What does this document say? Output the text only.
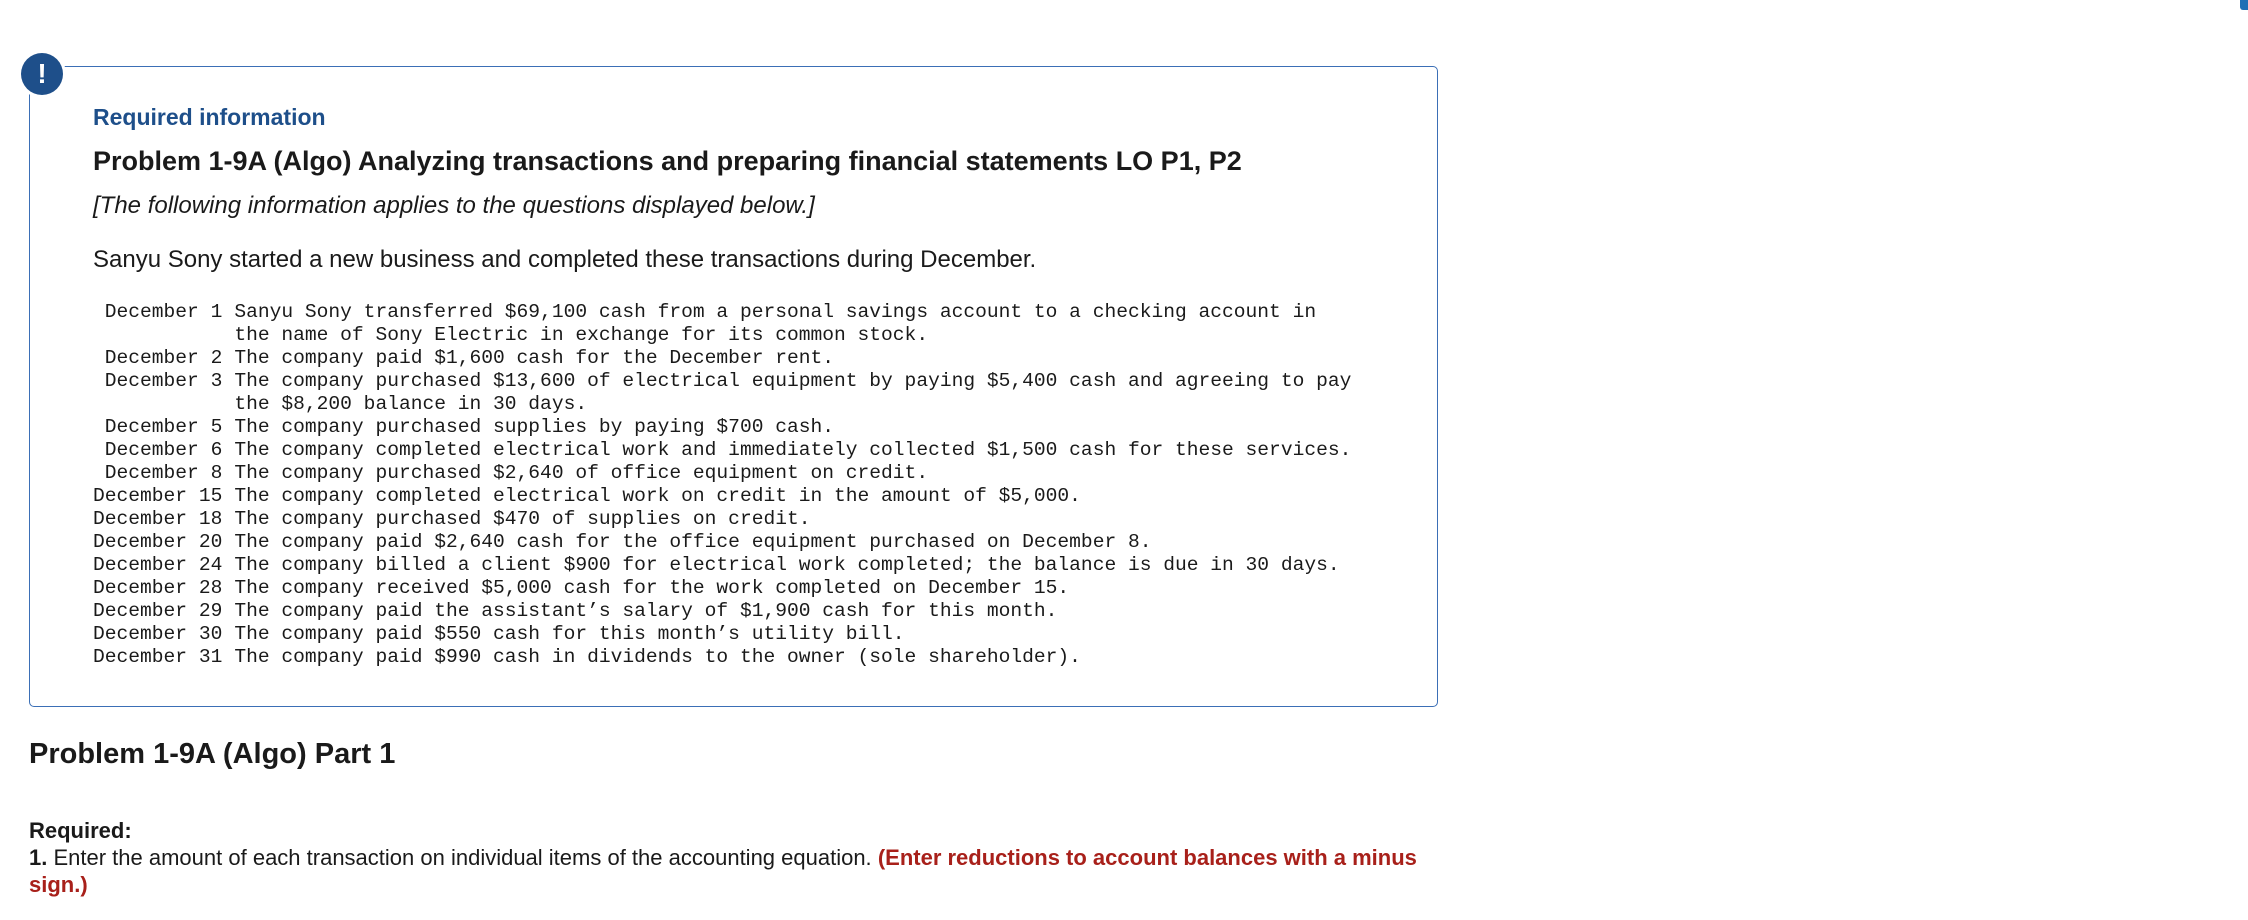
!
Required information
Problem 1-9A (Algo) Analyzing transactions and preparing financial statements LO P1, P2
[The following information applies to the questions displayed below.]
Sanyu Sony started a new business and completed these transactions during December.
December 1	Sanyu Sony transferred $69,100 cash from a personal savings account to a checking account in the name of Sony Electric in exchange for its common stock.
December 2	The company paid $1,600 cash for the December rent.
December 3	The company purchased $13,600 of electrical equipment by paying $5,400 cash and agreeing to pay the $8,200 balance in 30 days.
December 5	The company purchased supplies by paying $700 cash.
December 6	The company completed electrical work and immediately collected $1,500 cash for these services.
December 8	The company purchased $2,640 of office equipment on credit.
December 15	The company completed electrical work on credit in the amount of $5,000.
December 18	The company purchased $470 of supplies on credit.
December 20	The company paid $2,640 cash for the office equipment purchased on December 8.
December 24	The company billed a client $900 for electrical work completed; the balance is due in 30 days.
December 28	The company received $5,000 cash for the work completed on December 15.
December 29	The company paid the assistant’s salary of $1,900 cash for this month.
December 30	The company paid $550 cash for this month’s utility bill.
December 31	The company paid $990 cash in dividends to the owner (sole shareholder).
Problem 1-9A (Algo) Part 1
Required:
1. Enter the amount of each transaction on individual items of the accounting equation. (Enter reductions to account balances with a minus sign.)
